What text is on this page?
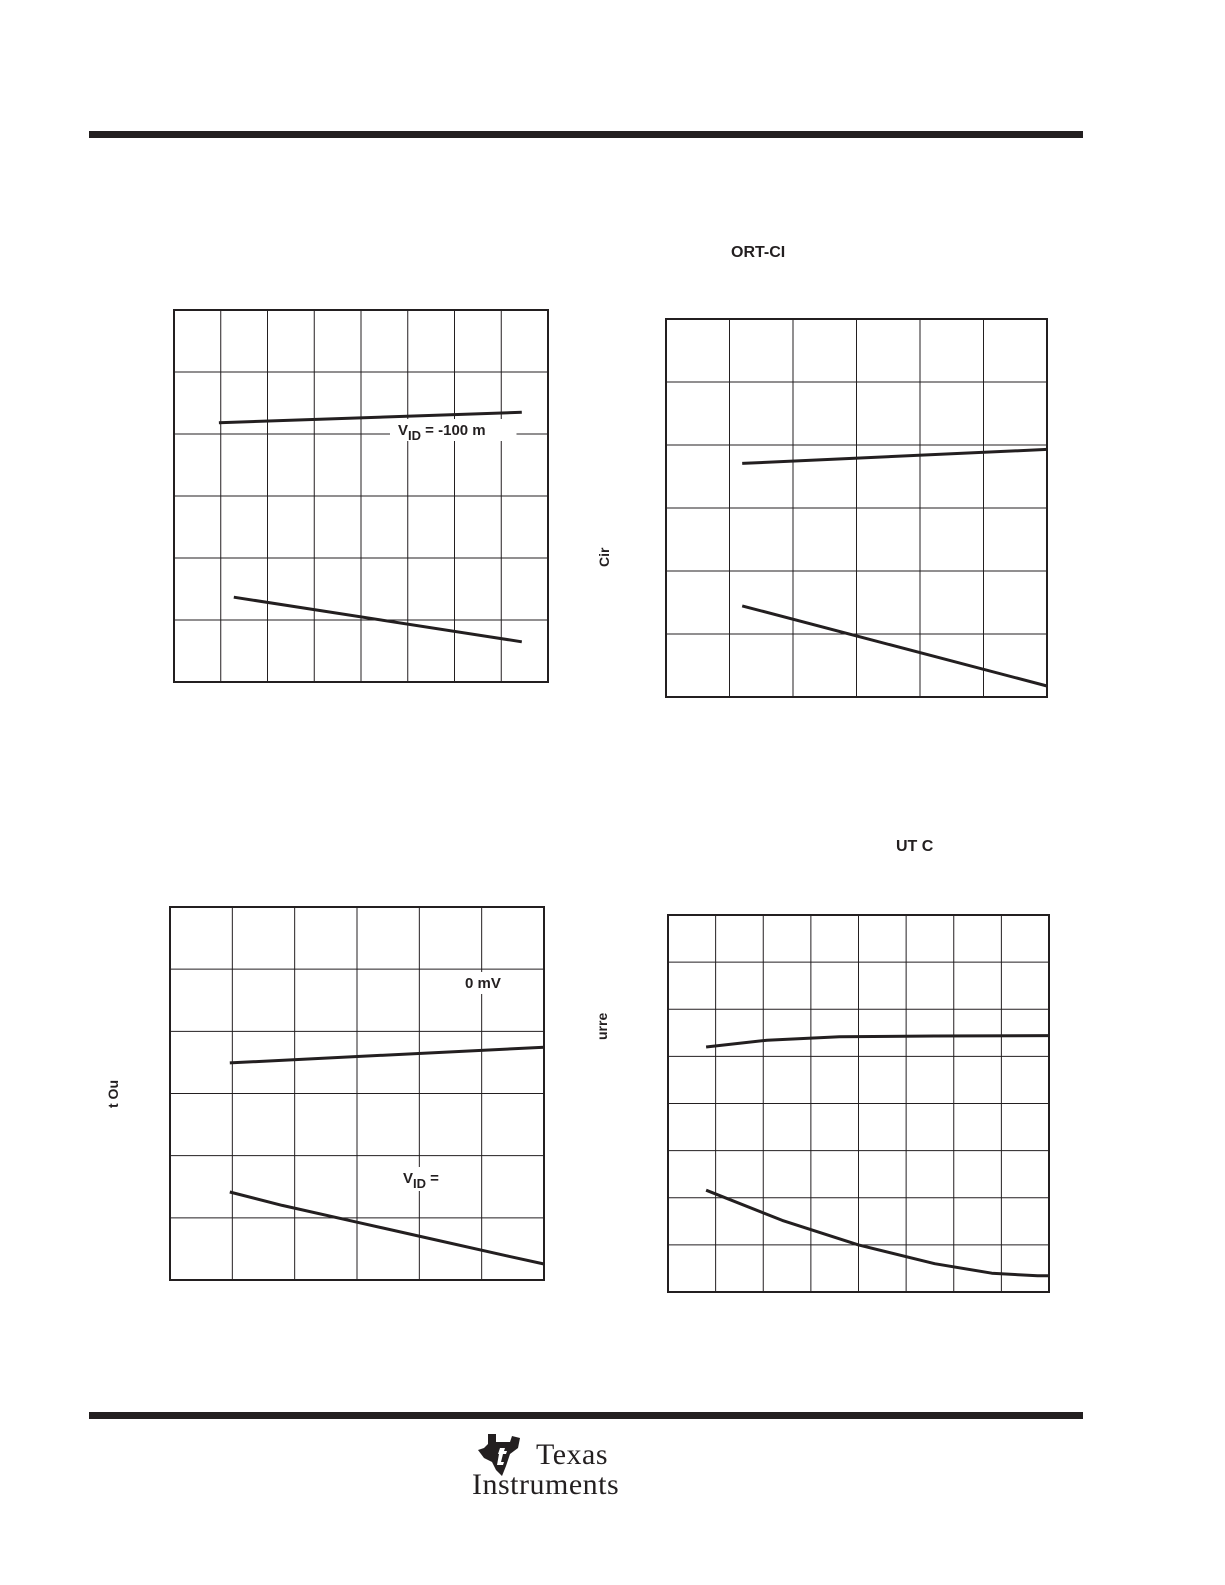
ORT-CI
UT C
Cir
t Ou
urre
VID = -100 m
0 mV
VID =
Texas
Instruments
